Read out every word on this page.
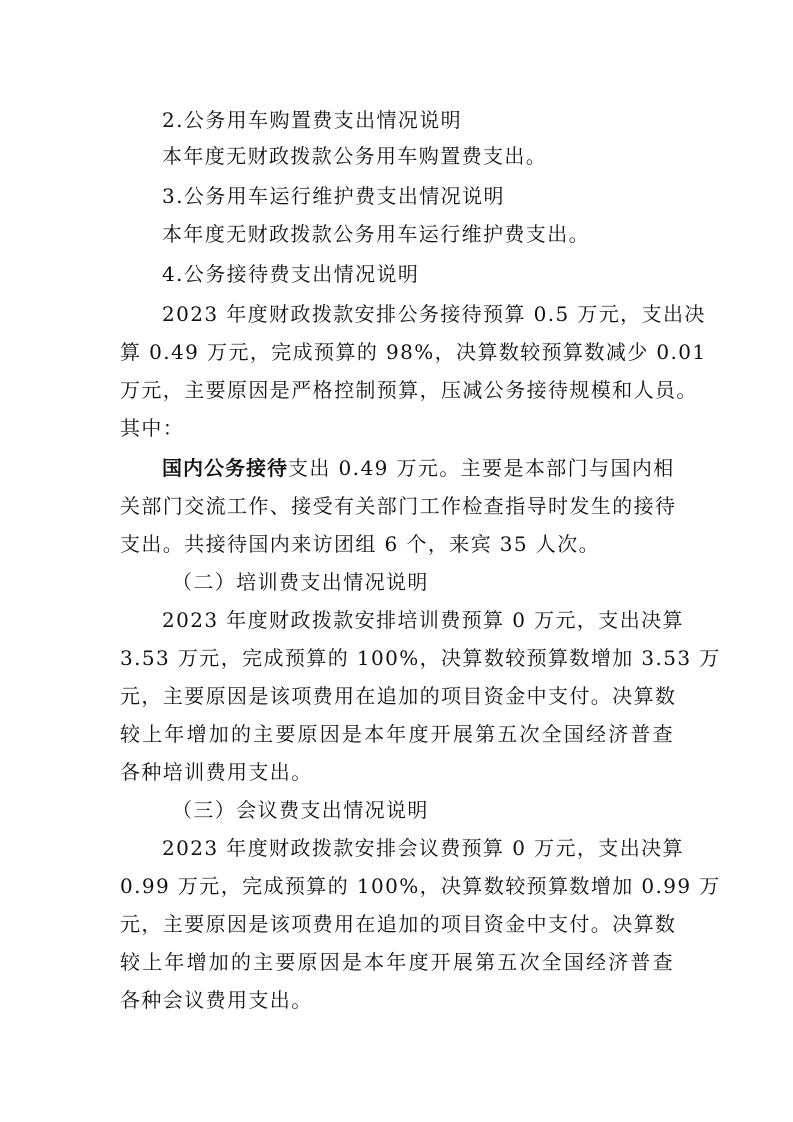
2.公务用车购置费支出情况说明
本年度无财政拨款公务用车购置费支出。
3.公务用车运行维护费支出情况说明
本年度无财政拨款公务用车运行维护费支出。
4.公务接待费支出情况说明
2023 年度财政拨款安排公务接待预算 0.5 万元，支出决
算 0.49 万元，完成预算的 98%，决算数较预算数减少 0.01
万元，主要原因是严格控制预算，压减公务接待规模和人员。
其中：
国内公务接待支出 0.49 万元。主要是本部门与国内相
关部门交流工作、接受有关部门工作检查指导时发生的接待
支出。共接待国内来访团组 6 个，来宾 35 人次。
（二）培训费支出情况说明
2023 年度财政拨款安排培训费预算 0 万元，支出决算
3.53 万元，完成预算的 100%，决算数较预算数增加 3.53 万
元，主要原因是该项费用在追加的项目资金中支付。决算数
较上年增加的主要原因是本年度开展第五次全国经济普查
各种培训费用支出。
（三）会议费支出情况说明
2023 年度财政拨款安排会议费预算 0 万元，支出决算
0.99 万元，完成预算的 100%，决算数较预算数增加 0.99 万
元，主要原因是该项费用在追加的项目资金中支付。决算数
较上年增加的主要原因是本年度开展第五次全国经济普查
各种会议费用支出。
